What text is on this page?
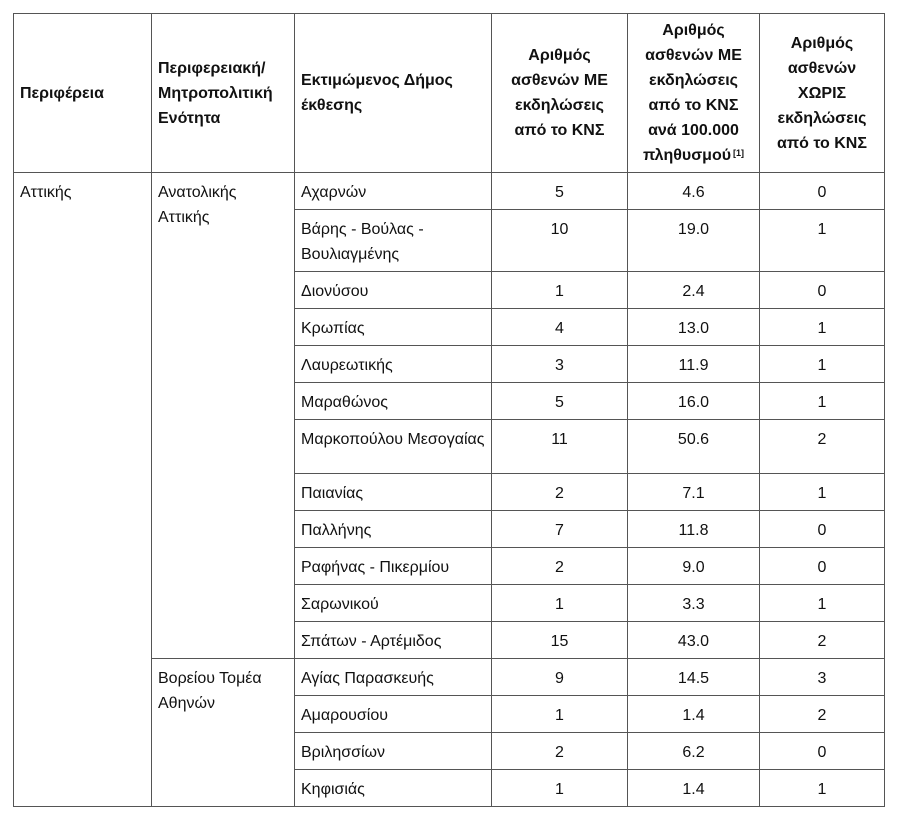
Περιφέρεια	Περιφερειακή/ Μητροπολιτική Ενότητα	Εκτιμώμενος Δήμος έκθεσης	Αριθμός ασθενών ΜΕ εκδηλώσεις από το ΚΝΣ	Αριθμός ασθενών ΜΕ εκδηλώσεις από το ΚΝΣ ανά 100.000 πληθυσμού [1]	Αριθμός ασθενών ΧΩΡΙΣ εκδηλώσεις από το ΚΝΣ

Αττικής	Ανατολικής Αττικής	Αχαρνών	5	4.6	0

		Βάρης - Βούλας - Βουλιαγμένης	10	19.0	1

		Διονύσου	1	2.4	0

		Κρωπίας	4	13.0	1

		Λαυρεωτικής	3	11.9	1

		Μαραθώνος	5	16.0	1

		Μαρκοπούλου Μεσογαίας	11	50.6	2

		Παιανίας	2	7.1	1

		Παλλήνης	7	11.8	0

		Ραφήνας - Πικερμίου	2	9.0	0

		Σαρωνικού	1	3.3	1

		Σπάτων - Αρτέμιδος	15	43.0	2

	Βορείου Τομέα Αθηνών	Αγίας Παρασκευής	9	14.5	3

		Αμαρουσίου	1	1.4	2

		Βριλησσίων	2	6.2	0

		Κηφισιάς	1	1.4	1
